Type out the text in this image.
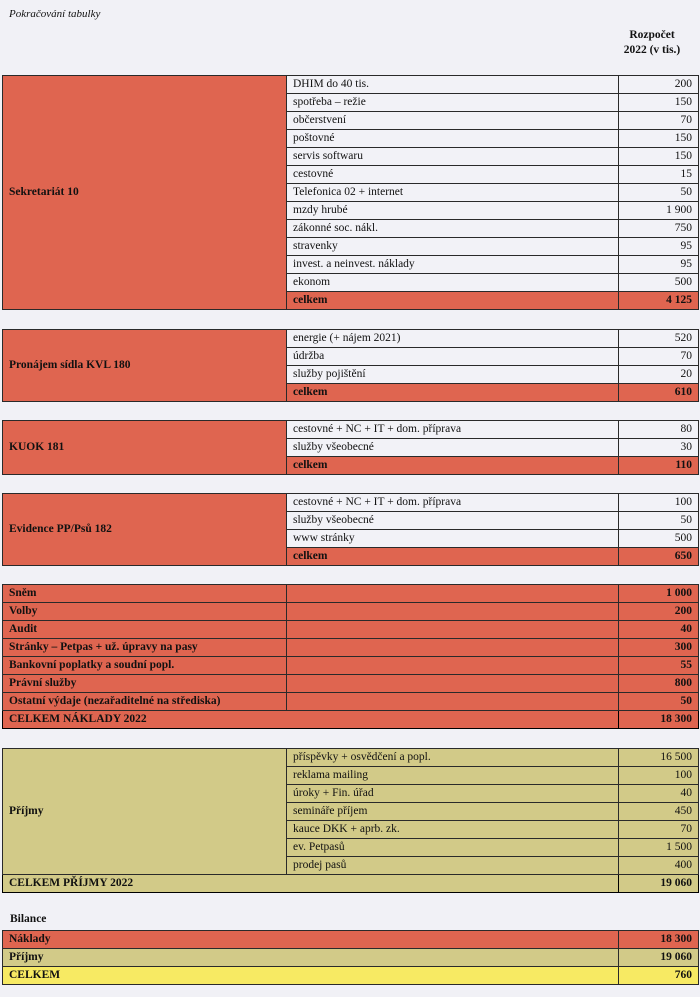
Pokračování tabulky
Rozpočet
2022 (v tis.)
Sekretariát 10	DHIM do 40 tis.	200
	spotřeba – režie	150
	občerstvení	70
	poštovné	150
	servis softwaru	150
	cestovné	15
	Telefonica 02 + internet	50
	mzdy hrubé	1 900
	zákonné soc. nákl.	750
	stravenky	95
	invest. a neinvest. náklady	95
	ekonom	500
	celkem	4 125
Pronájem sídla KVL 180	energie (+ nájem 2021)	520
	údržba	70
	služby pojištění	20
	celkem	610
KUOK 181	cestovné + NC + IT + dom. příprava	80
	služby všeobecné	30
	celkem	110
Evidence PP/Psů 182	cestovné + NC + IT + dom. příprava	100
	služby všeobecné	50
	www stránky	500
	celkem	650
Sněm		1 000
Volby		200
Audit		40
Stránky – Petpas + už. úpravy na pasy		300
Bankovní poplatky a soudní popl.		55
Právní služby		800
Ostatní výdaje (nezařaditelné na střediska)		50
CELKEM NÁKLADY 2022		18 300
Příjmy	příspěvky + osvědčení a popl.	16 500
	reklama mailing	100
	úroky + Fin. úřad	40
	semináře příjem	450
	kauce DKK + aprb. zk.	70
	ev. Petpasů	1 500
	prodej pasů	400
CELKEM PŘÍJMY 2022		19 060
Bilance
Náklady	18 300
Příjmy	19 060
CELKEM	760
